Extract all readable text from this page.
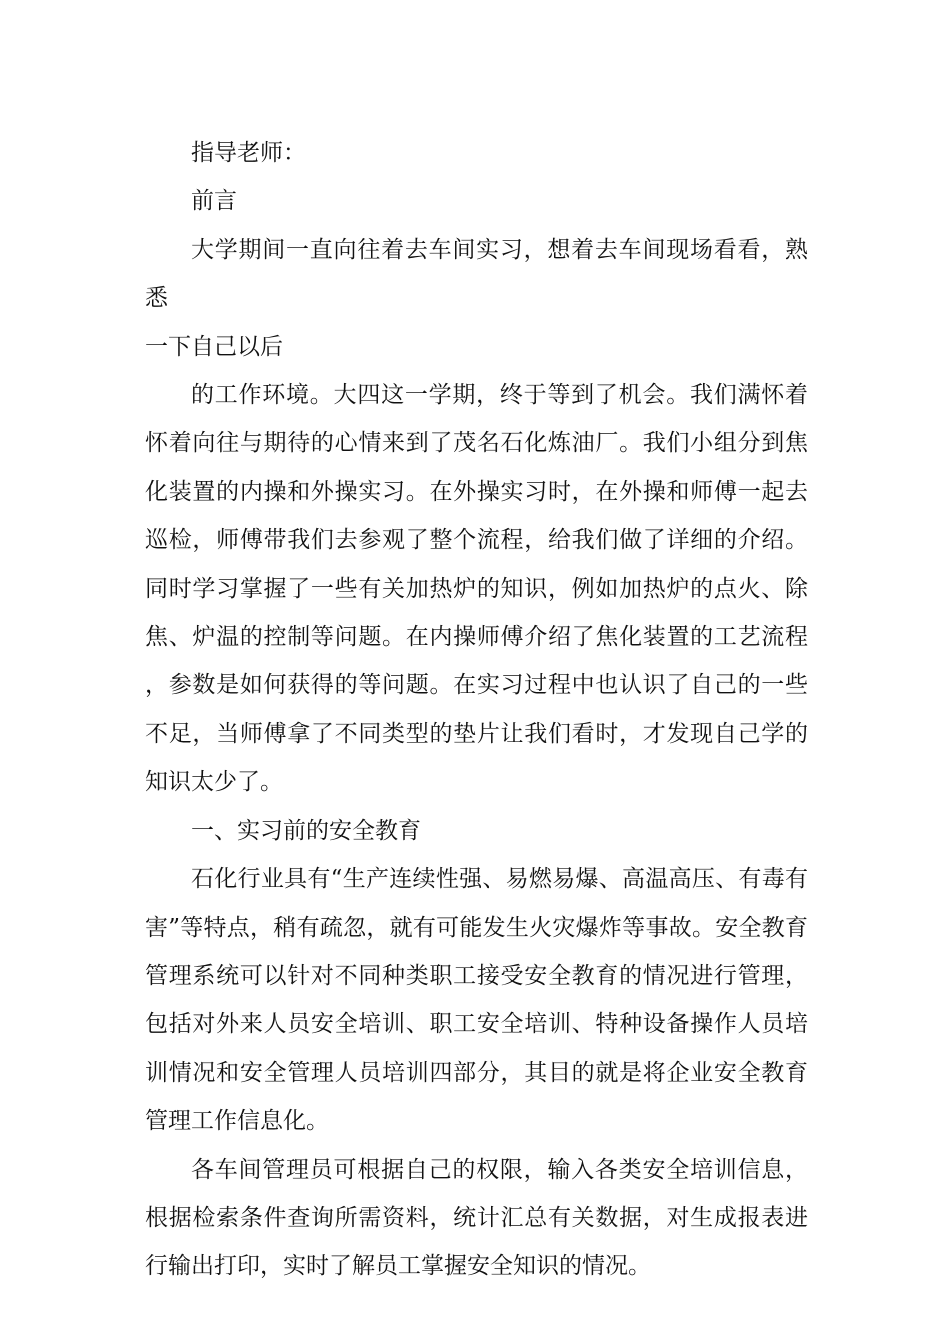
指导老师：

前言

大学期间一直向往着去车间实习，想着去车间现场看看，熟悉

一下自己以后

的工作环境。大四这一学期，终于等到了机会。我们满怀着怀着向往与期待的心情来到了茂名石化炼油厂。我们小组分到焦化装置的内操和外操实习。在外操实习时，在外操和师傅一起去巡检，师傅带我们去参观了整个流程，给我们做了详细的介绍。同时学习掌握了一些有关加热炉的知识，例如加热炉的点火、除焦、炉温的控制等问题。在内操师傅介绍了焦化装置的工艺流程，参数是如何获得的等问题。在实习过程中也认识了自己的一些不足，当师傅拿了不同类型的垫片让我们看时，才发现自己学的知识太少了。

一、实习前的安全教育

石化行业具有“生产连续性强、易燃易爆、高温高压、有毒有害”等特点，稍有疏忽，就有可能发生火灾爆炸等事故。安全教育管理系统可以针对不同种类职工接受安全教育的情况进行管理，包括对外来人员安全培训、职工安全培训、特种设备操作人员培训情况和安全管理人员培训四部分，其目的就是将企业安全教育管理工作信息化。

各车间管理员可根据自己的权限，输入各类安全培训信息，根据检索条件查询所需资料，统计汇总有关数据，对生成报表进行输出打印，实时了解员工掌握安全知识的情况。
